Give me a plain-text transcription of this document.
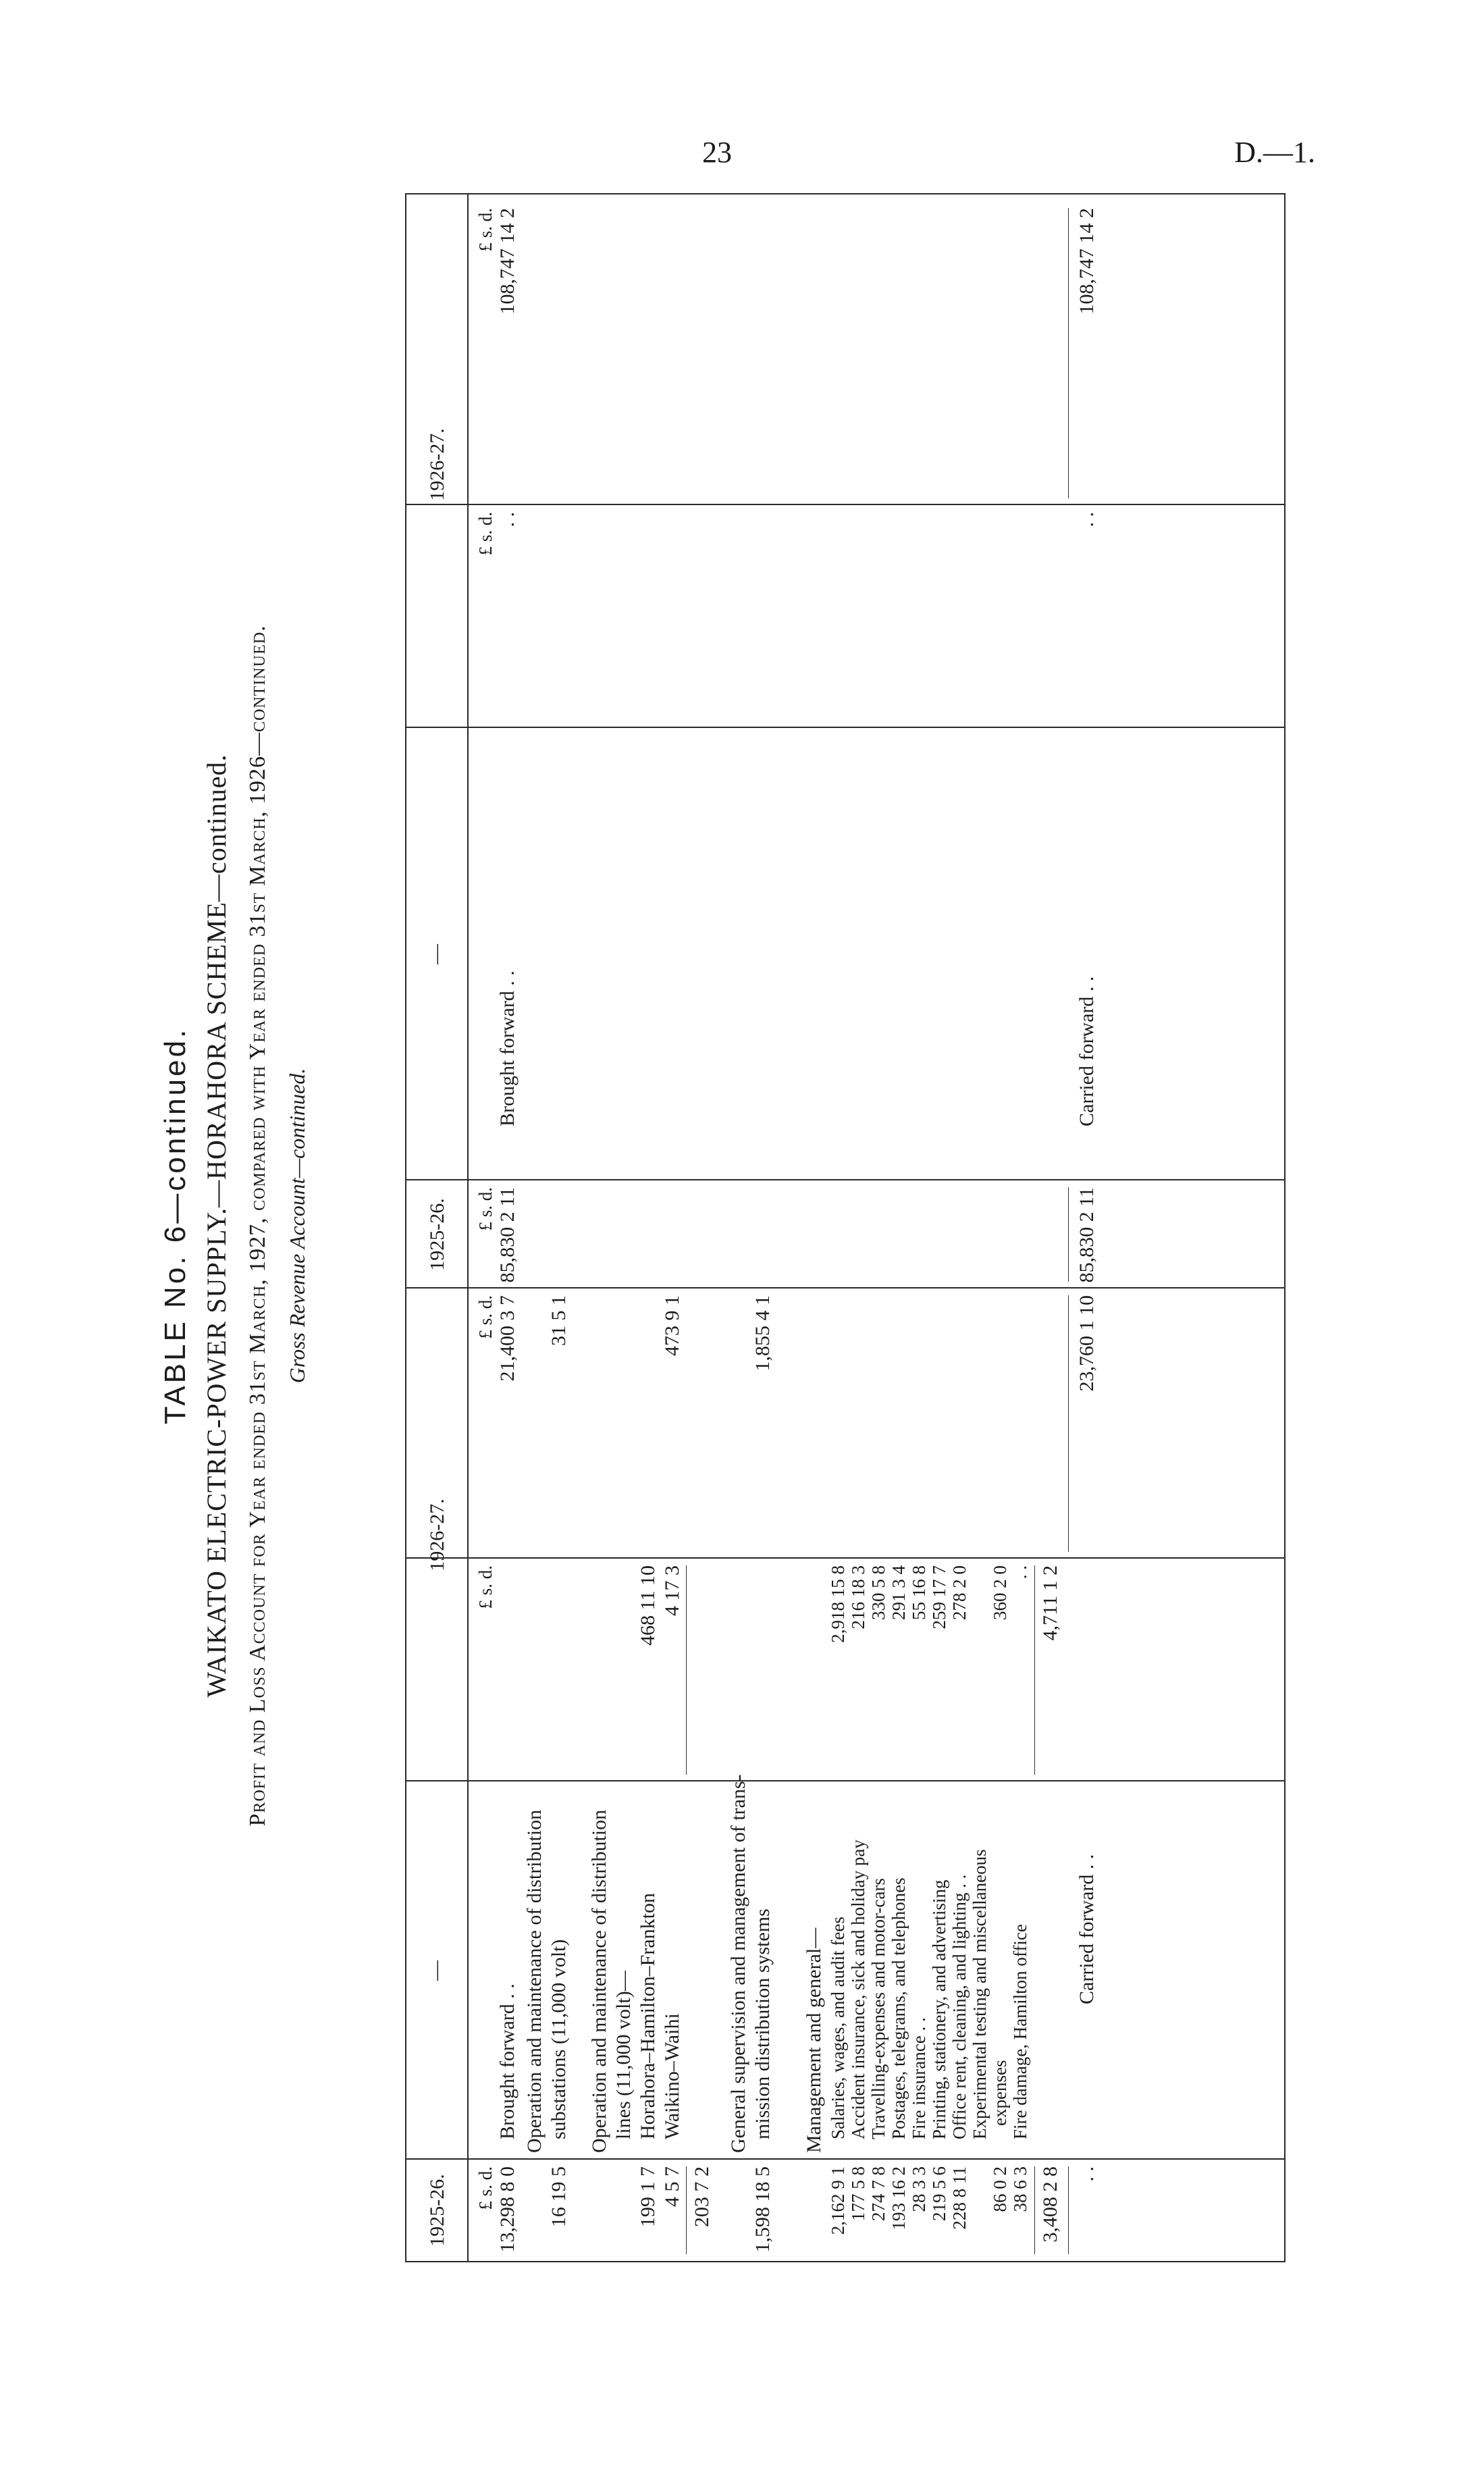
23	D.—1.
TABLE No. 6—continued. WAIKATO ELECTRIC-POWER SUPPLY.—HORAHORA SCHEME—continued. Profit and Loss Account for Year ended 31st March, 1927, compared with Year ended 31st March, 1926—continued. Gross Revenue Account—continued.
1925-26.
—
1926-27.
1925-26.
—
1926-27.
£ s. d.
£ s. d.
£ s. d.
£ s. d.
£ s. d.
£ s. d.
13,298 8 0
Brought forward . .
21,400 3 7
Operation and maintenance of distribution substations (11,000 volt)
16 19 5
31 5 1
Operation and maintenance of distribution lines (11,000 volt)— Horahora–Hamilton–Frankton
199 1 7
468 11 10
Waikino–Waihi
4 5 7
4 17 3
203 7 2
473 9 1
General supervision and management of trans- mission distribution systems
1,598 18 5
1,855 4 1
Management and general— Salaries, wages, and audit fees
2,162 9 1
2,918 15 8
Accident insurance, sick and holiday pay
177 5 8
216 18 3
Travelling-expenses and motor-cars
274 7 8
330 5 8
Postages, telegrams, and telephones
193 16 2
291 3 4
Fire insurance . .
28 3 3
55 16 8
Printing, stationery, and advertising
219 5 6
259 17 7
Office rent, cleaning, and lighting . .
228 8 11
278 2 0
Experimental testing and miscellaneous expenses
86 0 2
360 2 0
Fire damage, Hamilton office
38 6 3
. .
3,408 2 8
4,711 1 2
. .
Carried forward . .
23,760 1 10
85,830 2 11
Brought forward . .
. .
108,747 14 2
85,830 2 11
Carried forward . .
. .
108,747 14 2
